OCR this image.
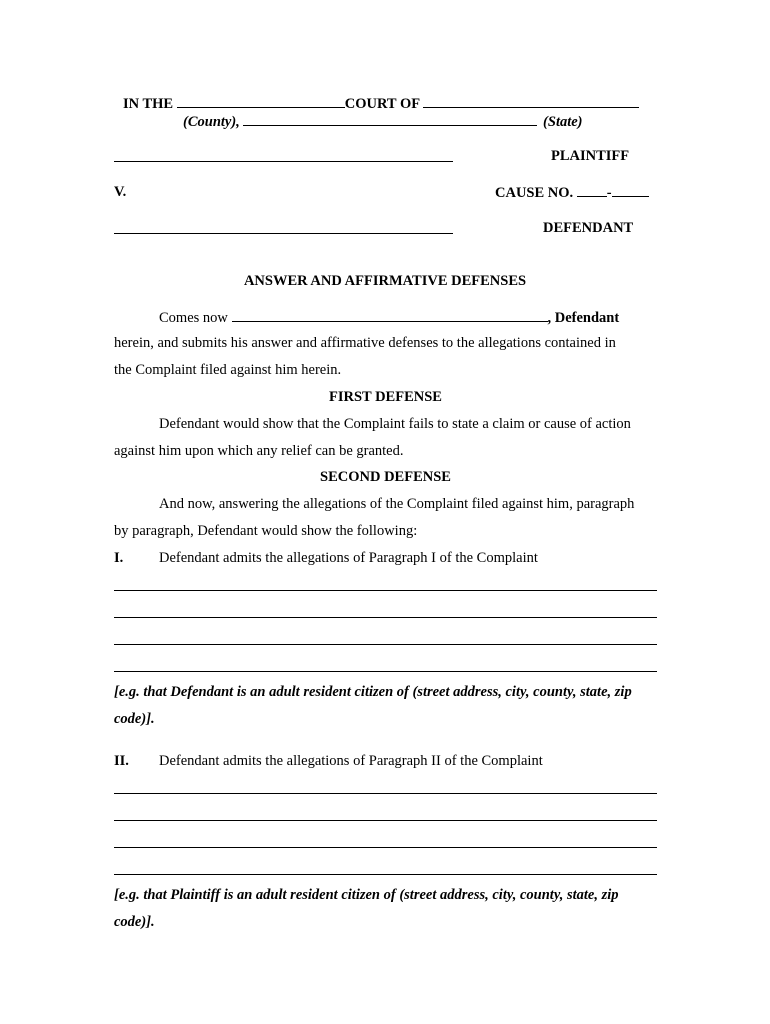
IN THE	COURT OF
(County),	(State)
PLAINTIFF
V.	CAUSE NO. -
DEFENDANT
ANSWER AND AFFIRMATIVE DEFENSES
Comes now	, Defendant
herein, and submits his answer and affirmative defenses to the allegations contained in
the Complaint filed against him herein.
FIRST DEFENSE
Defendant would show that the Complaint fails to state a claim or cause of action
against him upon which any relief can be granted.
SECOND DEFENSE
And now, answering the allegations of the Complaint filed against him, paragraph
by paragraph, Defendant would show the following:
I. Defendant admits the allegations of Paragraph I of the Complaint
[e.g. that Defendant is an adult resident citizen of (street address, city, county, state, zip
code)].
II. Defendant admits the allegations of Paragraph II of the Complaint
[e.g. that Plaintiff is an adult resident citizen of (street address, city, county, state, zip
code)].
